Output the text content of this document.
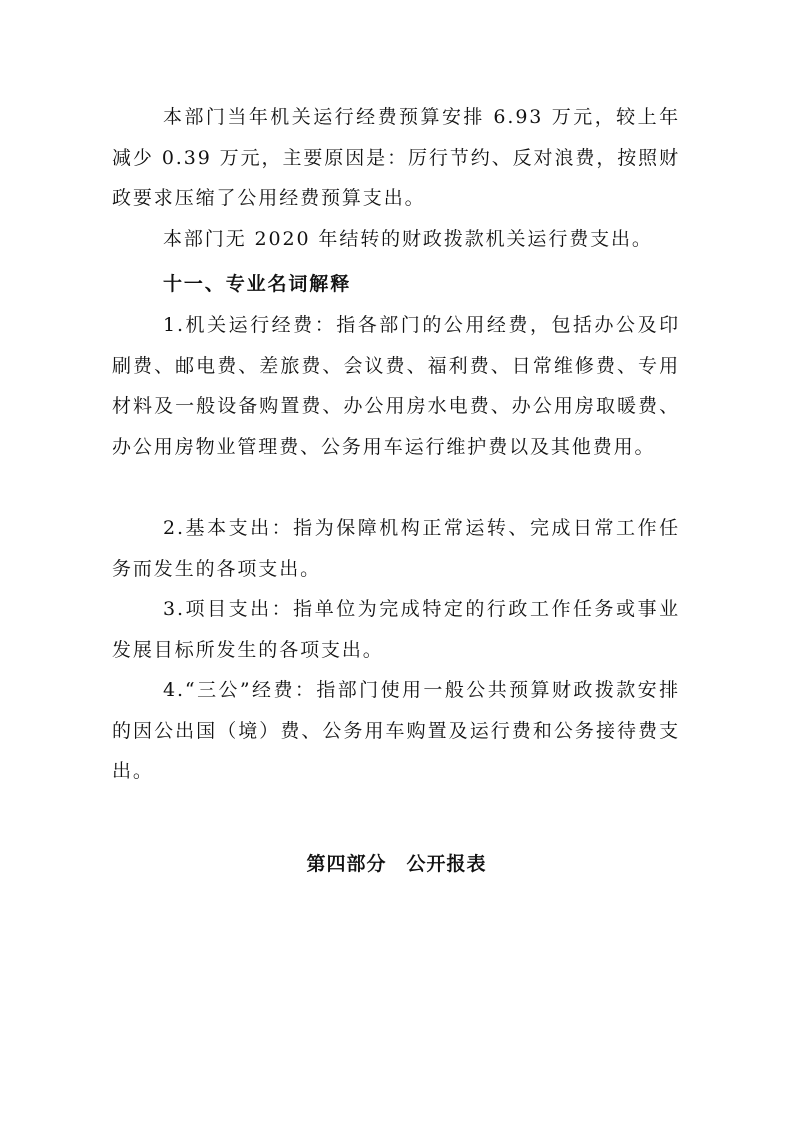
本部门当年机关运行经费预算安排 6.93 万元，较上年减少 0.39 万元，主要原因是：厉行节约、反对浪费，按照财政要求压缩了公用经费预算支出。

本部门无 2020 年结转的财政拨款机关运行费支出。

十一、专业名词解释

1.机关运行经费：指各部门的公用经费，包括办公及印刷费、邮电费、差旅费、会议费、福利费、日常维修费、专用材料及一般设备购置费、办公用房水电费、办公用房取暖费、办公用房物业管理费、公务用车运行维护费以及其他费用。

2.基本支出：指为保障机构正常运转、完成日常工作任务而发生的各项支出。

3.项目支出：指单位为完成特定的行政工作任务或事业发展目标所发生的各项支出。

4.“三公”经费：指部门使用一般公共预算财政拨款安排的因公出国（境）费、公务用车购置及运行费和公务接待费支出。

第四部分　公开报表
